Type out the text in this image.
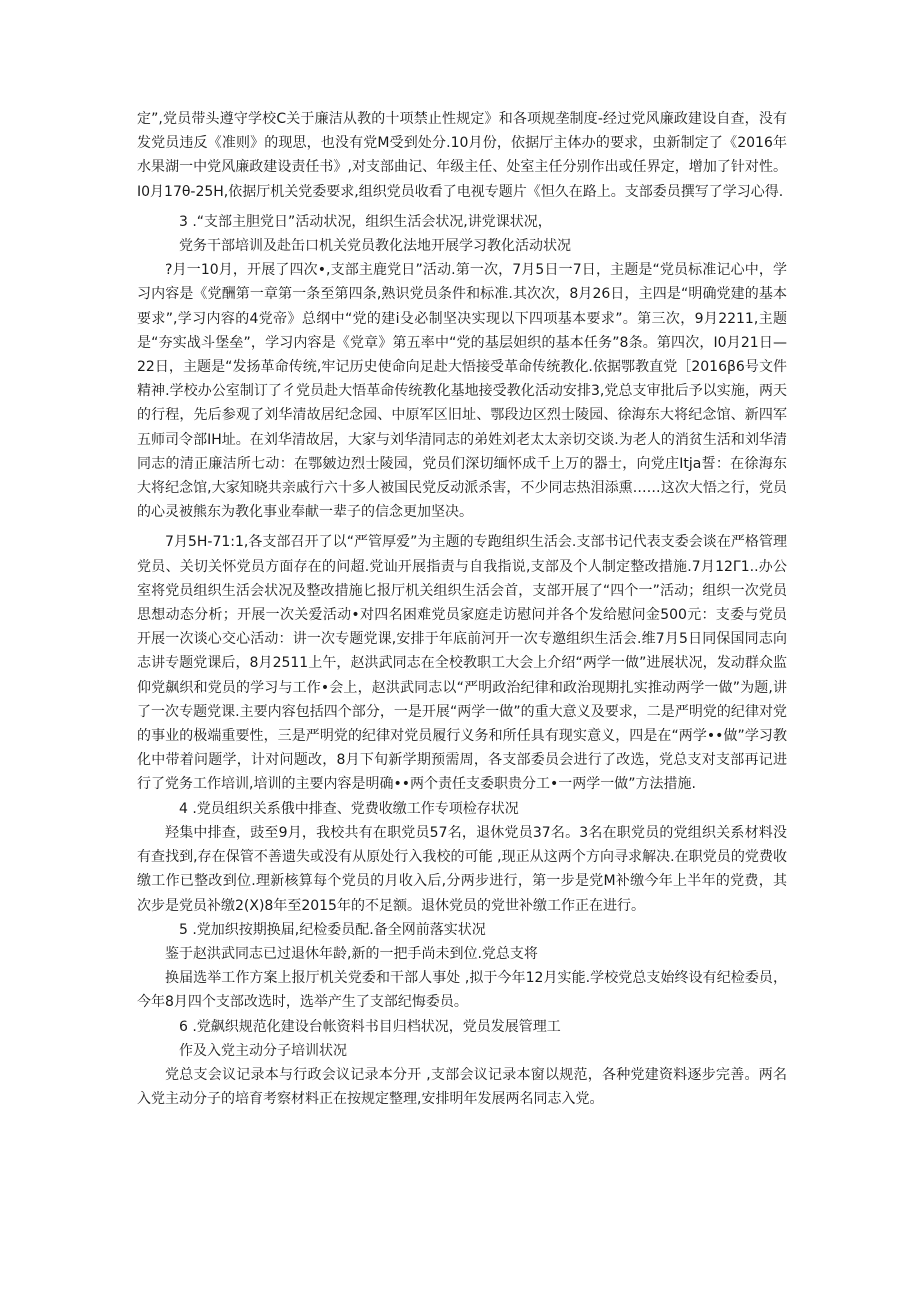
定”,党员带头遵守学校C关于廉洁从教的十项禁止性规定》和各项规垄制度-经过党风廉政建设自查，没有发党员违反《准则》的现思，也没有党M受到处分.10月份，依据厅主体办的要求，虫新制定了《2016年水果湖一中党风廉政建设责任书》,对支部曲记、年级主任、处室主任分别作出或任界定，增加了针对性。I0月17θ-25H,依据厅机关党委要求,组织党员收看了电视专题片《怛久在路上。支部委员撰写了学习心得.

3 .“支部主胆党日”活动状况，组织生活会状况,讲党课状况，

党务干部培训及赴缶口机关党员教化法地开展学习教化活动状况

?月一10月，开展了四次•,支部主鹿党日”活动.第一次，7月5日一7日，主题是“党员标准记心中，学习内容是《党酬第一章第一条至第四条,熟识党员条件和标准.其次次，8月26日，主四是“明确党建的基本要求”,学习内容的4党帝》总纲中“党的建i殳必制坚决实现以下四项基本要求”。第三次，9月2211,主题是“夯实战斗堡垒”，学习内容是《党章》第五率中“党的基层妲织的基本任务”8条。第四次，I0月21日—22日，主题是“发扬革命传统,牢记历史使命向足赴大悟接受革命传统教化.依据鄂教直党［2016β6号文件精神.学校办公室制订了彳党员赴大悟革命传统教化基地接受教化活动安排3,党总支审批后予以实施，两天的行程，先后参观了刘华清故居纪念园、中原军区旧址、鄂段边区烈士陵园、徐海东大将纪念馆、新四军五师司令部IH址。在刘华清故居，大家与刘华清同志的弟姓刘老太太亲切交谈.为老人的消贫生活和刘华清同志的清正廉洁所七动：在鄂皴边烈士陵园，党员们深切缅怀成千上万的器士，向党庄Itja誓：在徐海东大将纪念馆,大家知晓共亲戚行六十多人被国民党反动派杀害，不少同志热泪添熏……这次大悟之行，党员的心灵被熊东为教化事业奉献一辈子的信念更加坚决。

7月5H-71:1,各支部召开了以“严管厚爱”为主题的专跑组织生活会.支部书记代表支委会谈在严格管理党员、关切关怀党员方面存在的问超.党讪开展指责与自我指说,支部及个人制定整改措施.7月12Γ1..办公室将党员组织生活会状况及整改措施匕报厅机关组织生活会首，支部开展了“四个一”活动；组织一次党员思想动态分析；开展一次关爱活动•对四名困难党员家庭走访慰问并各个发给慰问金500元：支委与党员开展一次谈心交心活动：讲一次专题党课,安排于年底前河开一次专邀组织生活会.维7月5日同保国同志向志讲专题党课后，8月2511上午，赵洪武同志在全校教职工大会上介绍“两学一做”进展状况，发动群众监仰党飙织和党员的学习与工作•会上，赵洪武同志以“严明政治纪律和政治现期扎实推动两学一做”为题,讲了一次专题党课.主要内容包括四个部分，一是开展“两学一做”的重大意义及要求，二是严明党的纪律对党的事业的极端重要性，三是严明党的纪律对党员履行义务和所任具有现实意义，四是在“两学••做”学习教化中带着问题学，计对问题改，8月下旬新学期预需周，各支部委员会进行了改选，党总支对支部再记进行了党务工作培训,培训的主要内容是明确••两个责任支委职贵分工•一两学一做”方法措施.

4 .党员组织关系俄中排查、党费收缴工作专项检存状况

羟集中排查，豉至9月，我校共有在职党员57名，退休党员37名。3名在职党员的党组织关系材料没有查找到,存在保管不善遗失或没有从原处行入我校的可能 ,现正从这两个方向寻求解决.在职党员的党费收缴工作已整改到位.理新核算每个党员的月收入后,分两步进行，第一步是党M补缴今年上半年的党费，其次步是党员补缴2(X)8年至2015年的不足额。退休党员的党世补缴工作正在进行。

5 .党加织按期换届,纪检委员配.备全网前落实状况

鉴于赵洪武同志已过退休年龄,新的一把手尚未到位.党总支将

换届选举工作方案上报厅机关党委和干部人事处 ,拟于今年12月实能.学校党总支始终设有纪检委员，今年8月四个支部改选时，选举产生了支部纪悔委员。

6 .党飙织规范化建设台帐资料书目归档状况，党员发展管理工

作及入党主动分子培训状况

党总支会议记录本与行政会议记录本分开 ,支部会议记录本窗以规范，各种党建资料逐步完善。两名入党主动分子的培育考察材料正在按规定整理,安排明年发展两名同志入党。
